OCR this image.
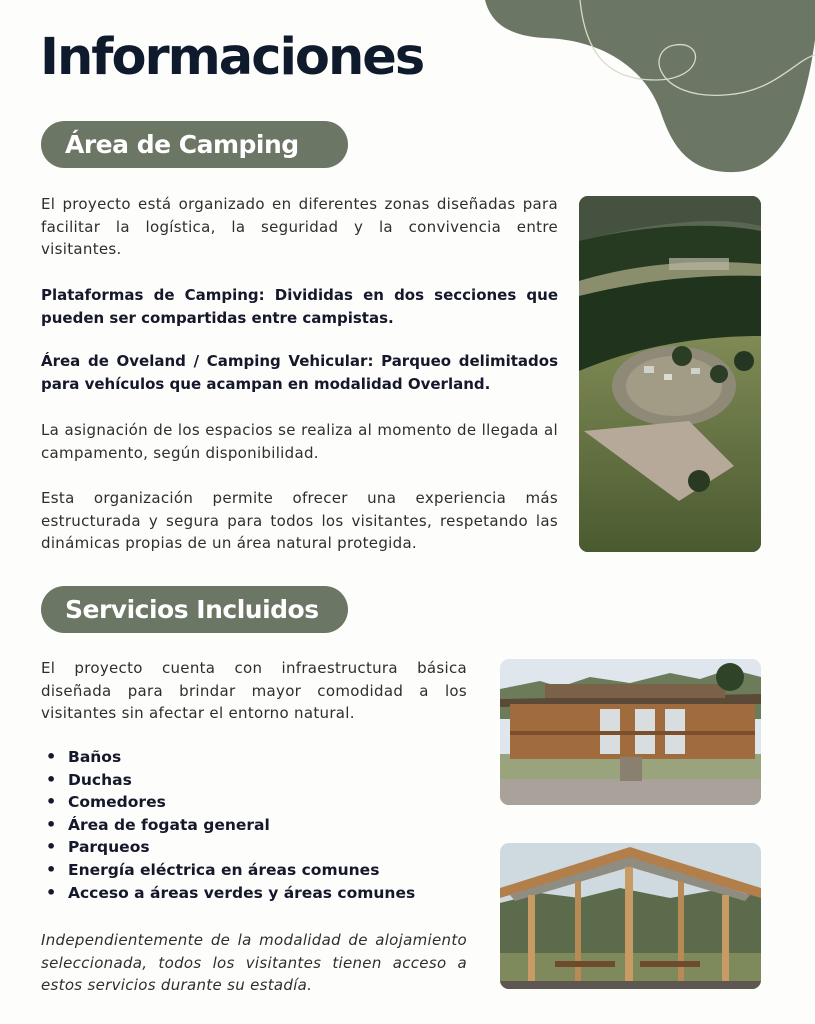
Informaciones
Área de Camping
El proyecto está organizado en diferentes zonas diseñadas para facilitar la logística, la seguridad y la convivencia entre visitantes.
Plataformas de Camping: Divididas en dos secciones que pueden ser compartidas entre campistas.
Área de Oveland / Camping Vehicular: Parqueo delimitados para vehículos que acampan en modalidad Overland.
La asignación de los espacios se realiza al momento de llegada al campamento, según disponibilidad.
Esta organización permite ofrecer una experiencia más estructurada y segura para todos los visitantes, respetando las dinámicas propias de un área natural protegida.
Servicios Incluidos
El proyecto cuenta con infraestructura básica diseñada para brindar mayor comodidad a los visitantes sin afectar el entorno natural.
• Baños
• Duchas
• Comedores
• Área de fogata general
• Parqueos
• Energía eléctrica en áreas comunes
• Acceso a áreas verdes y áreas comunes
Independientemente de la modalidad de alojamiento seleccionada, todos los visitantes tienen acceso a estos servicios durante su estadía.
